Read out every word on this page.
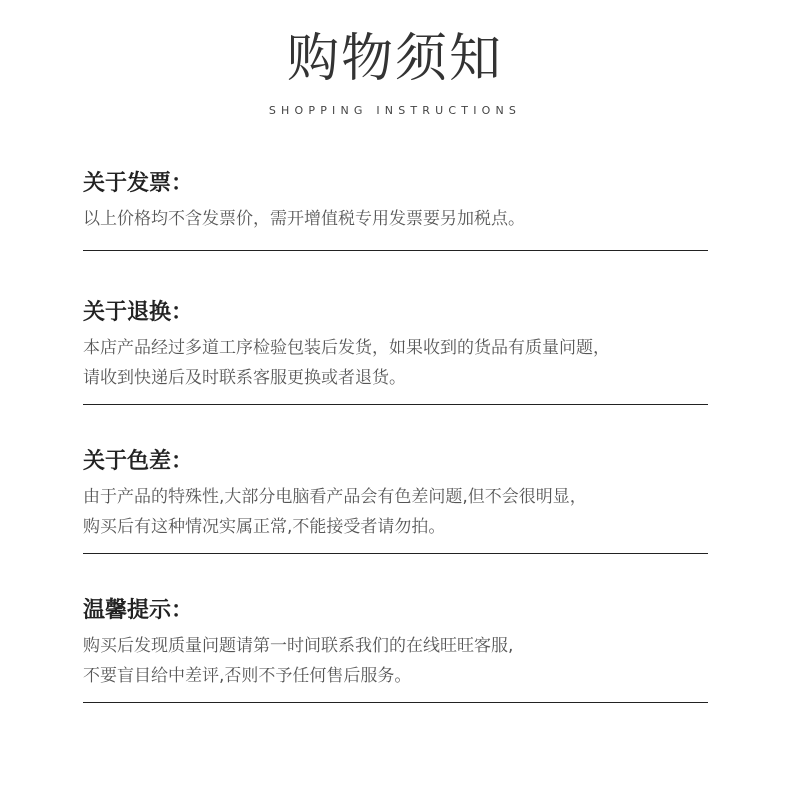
购物须知
SHOPPING INSTRUCTIONS
关于发票：
以上价格均不含发票价，需开增值税专用发票要另加税点。
关于退换：
本店产品经过多道工序检验包装后发货，如果收到的货品有质量问题，
请收到快递后及时联系客服更换或者退货。
关于色差：
由于产品的特殊性,大部分电脑看产品会有色差问题,但不会很明显，
购买后有这种情况实属正常,不能接受者请勿拍。
温馨提示：
购买后发现质量问题请第一时间联系我们的在线旺旺客服,
不要盲目给中差评,否则不予任何售后服务。
